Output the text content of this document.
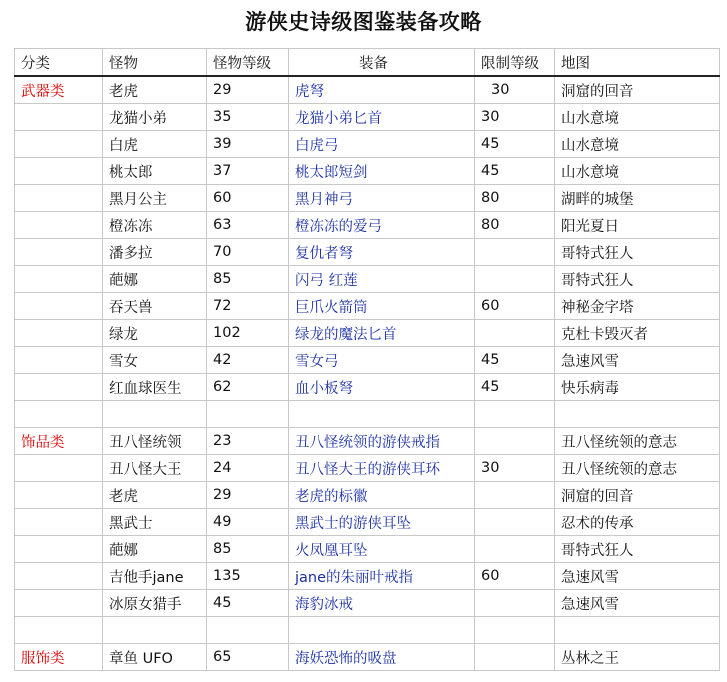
游侠史诗级图鉴装备攻略
分类	怪物	怪物等级	装备	限制等级	地图
武器类	老虎	29	虎弩	30	洞窟的回音
	龙猫小弟	35	龙猫小弟匕首	30	山水意境
	白虎	39	白虎弓	45	山水意境
	桃太郎	37	桃太郎短剑	45	山水意境
	黑月公主	60	黑月神弓	80	湖畔的城堡
	橙冻冻	63	橙冻冻的爱弓	80	阳光夏日
	潘多拉	70	复仇者弩		哥特式狂人
	葩娜	85	闪弓 红莲		哥特式狂人
	吞天兽	72	巨爪火箭筒	60	神秘金字塔
	绿龙	102	绿龙的魔法匕首		克杜卡毁灭者
	雪女	42	雪女弓	45	急速风雪
	红血球医生	62	血小板弩	45	快乐病毒

饰品类	丑八怪统领	23	丑八怪统领的游侠戒指		丑八怪统领的意志
	丑八怪大王	24	丑八怪大王的游侠耳环	30	丑八怪统领的意志
	老虎	29	老虎的标徽		洞窟的回音
	黑武士	49	黑武士的游侠耳坠		忍术的传承
	葩娜	85	火凤凰耳坠		哥特式狂人
	吉他手jane	135	jane的朱丽叶戒指	60	急速风雪
	冰原女猎手	45	海豹冰戒		急速风雪

服饰类	章鱼 UFO	65	海妖恐怖的吸盘		丛林之王
